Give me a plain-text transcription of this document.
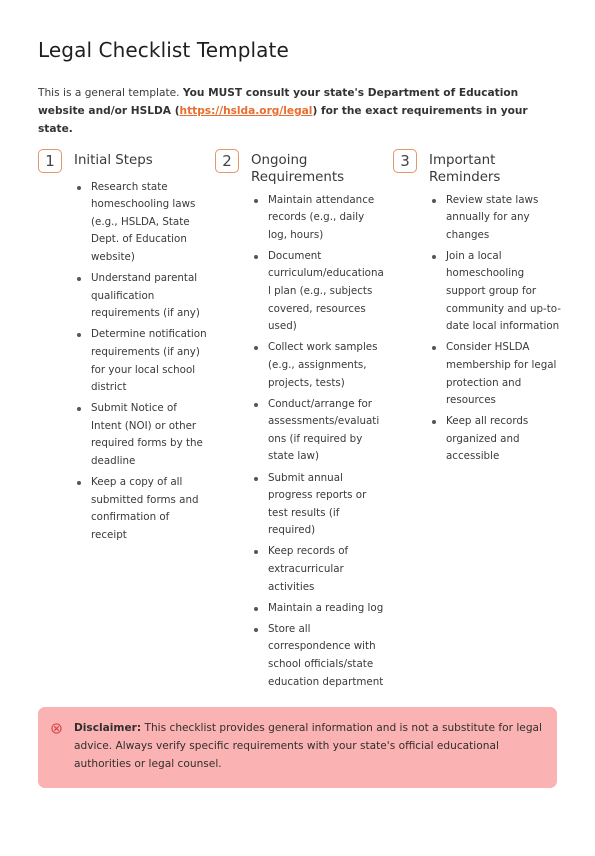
Legal Checklist Template

This is a general template. You MUST consult your state's Department of Education website and/or HSLDA (https://hslda.org/legal) for the exact requirements in your state.

1	Initial Steps
Research state homeschooling laws (e.g., HSLDA, State Dept. of Education website)
Understand parental qualification requirements (if any)
Determine notification requirements (if any) for your local school district
Submit Notice of Intent (NOI) or other required forms by the deadline
Keep a copy of all submitted forms and confirmation of receipt
2	Ongoing Requirements
Maintain attendance records (e.g., daily log, hours)
Document curriculum/educational plan (e.g., subjects covered, resources used)
Collect work samples (e.g., assignments, projects, tests)
Conduct/arrange for assessments/evaluations (if required by state law)
Submit annual progress reports or test results (if required)
Keep records of extracurricular activities
Maintain a reading log
Store all correspondence with school officials/state education department
3	Important Reminders
Review state laws annually for any changes
Join a local homeschooling support group for community and up-to-date local information
Consider HSLDA membership for legal protection and resources
Keep all records organized and accessible
Disclaimer: This checklist provides general information and is not a substitute for legal advice. Always verify specific requirements with your state's official educational authorities or legal counsel.
